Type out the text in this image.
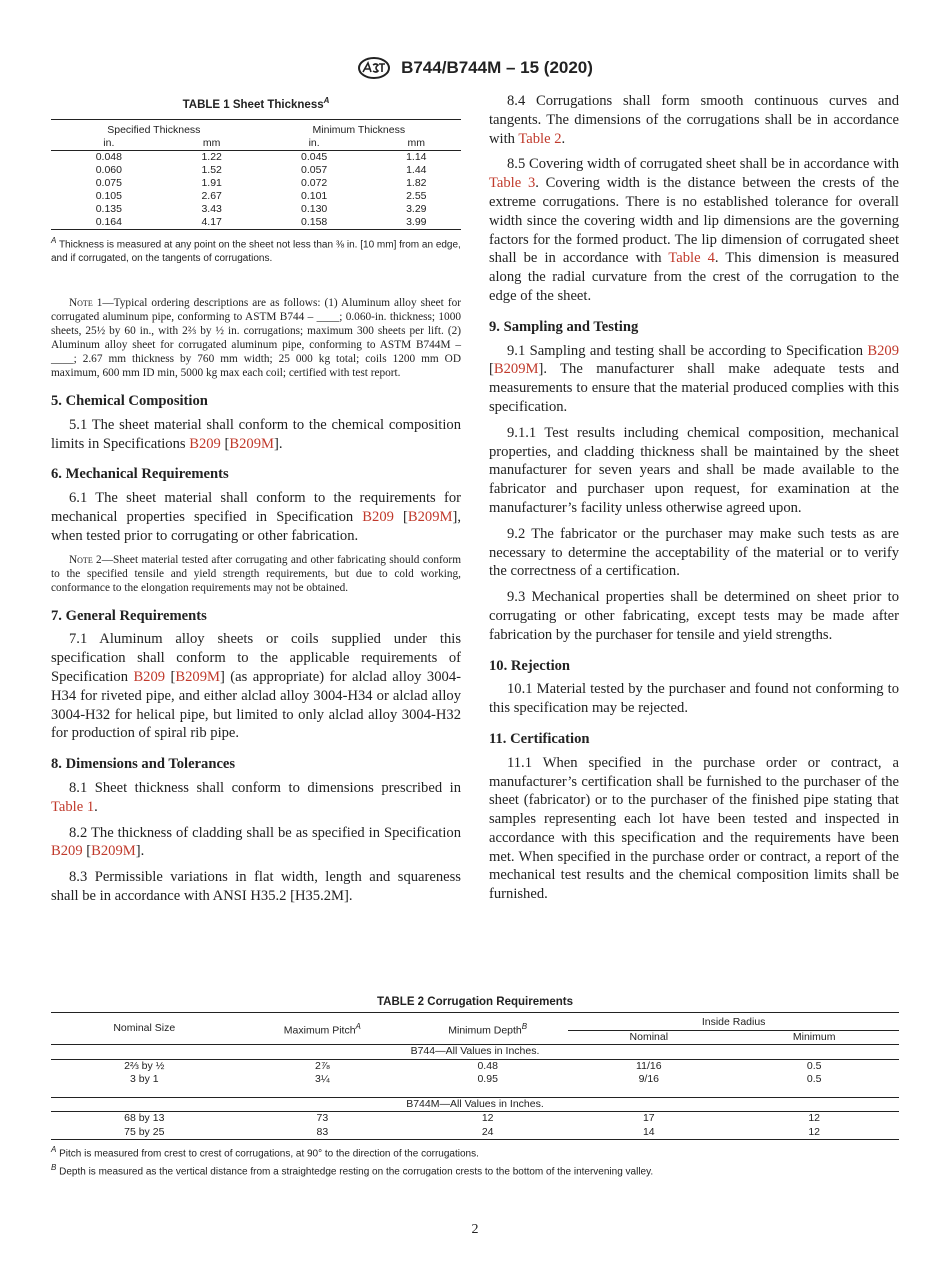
B744/B744M – 15 (2020)
TABLE 1 Sheet Thickness$^A$
Specified Thickness		Minimum Thickness	
in.	mm	in.	mm
0.048	1.22	0.045	1.14
0.060	1.52	0.057	1.44
0.075	1.91	0.072	1.82
0.105	2.67	0.101	2.55
0.135	3.43	0.130	3.29
0.164	4.17	0.158	3.99
$^A$ Thickness is measured at any point on the sheet not less than ⅜ in. [10 mm] from an edge, and if corrugated, on the tangents of corrugations.
Note 1—Typical ordering descriptions are as follows: (1) Aluminum alloy sheet for corrugated aluminum pipe, conforming to ASTM B744 – ____; 0.060-in. thickness; 1000 sheets, 25½ by 60 in., with 2⅔ by ½ in. corrugations; maximum 300 sheets per lift. (2) Aluminum alloy sheet for corrugated aluminum pipe, conforming to ASTM B744M – ____; 2.67 mm thickness by 760 mm width; 25 000 kg total; coils 1200 mm OD maximum, 600 mm ID min, 5000 kg max each coil; certified with test report.
5. Chemical Composition

5.1 The sheet material shall conform to the chemical composition limits in Specifications B209 [B209M].

6. Mechanical Requirements

6.1 The sheet material shall conform to the requirements for mechanical properties specified in Specification B209 [B209M], when tested prior to corrugating or other fabrication.

Note 2—Sheet material tested after corrugating and other fabricating should conform to the specified tensile and yield strength requirements, but due to cold working, conformance to the elongation requirements may not be obtained.
7. General Requirements

7.1 Aluminum alloy sheets or coils supplied under this specification shall conform to the applicable requirements of Specification B209 [B209M] (as appropriate) for alclad alloy 3004-H34 for riveted pipe, and either alclad alloy 3004-H34 or alclad alloy 3004-H32 for helical pipe, but limited to only alclad alloy 3004-H32 for production of spiral rib pipe.

8. Dimensions and Tolerances

8.1 Sheet thickness shall conform to dimensions prescribed in Table 1.

8.2 The thickness of cladding shall be as specified in Specification B209 [B209M].

8.3 Permissible variations in flat width, length and squareness shall be in accordance with ANSI H35.2 [H35.2M].

8.4 Corrugations shall form smooth continuous curves and tangents. The dimensions of the corrugations shall be in accordance with Table 2.

8.5 Covering width of corrugated sheet shall be in accordance with Table 3. Covering width is the distance between the crests of the extreme corrugations. There is no established tolerance for overall width since the covering width and lip dimensions are the governing factors for the formed product. The lip dimension of corrugated sheet shall be in accordance with Table 4. This dimension is measured along the radial curvature from the crest of the corrugation to the edge of the sheet.

9. Sampling and Testing

9.1 Sampling and testing shall be according to Specification B209 [B209M]. The manufacturer shall make adequate tests and measurements to ensure that the material produced complies with this specification.

9.1.1 Test results including chemical composition, mechanical properties, and cladding thickness shall be maintained by the sheet manufacturer for seven years and shall be made available to the fabricator and purchaser upon request, for examination at the manufacturer’s facility unless otherwise agreed upon.

9.2 The fabricator or the purchaser may make such tests as are necessary to determine the acceptability of the material or to verify the correctness of a certification.

9.3 Mechanical properties shall be determined on sheet prior to corrugating or other fabricating, except tests may be made after fabrication by the purchaser for tensile and yield strengths.

10. Rejection

10.1 Material tested by the purchaser and found not conforming to this specification may be rejected.

11. Certification

11.1 When specified in the purchase order or contract, a manufacturer’s certification shall be furnished to the purchaser of the sheet (fabricator) or to the purchaser of the finished pipe stating that samples representing each lot have been tested and inspected in accordance with this specification and the requirements have been met. When specified in the purchase order or contract, a report of the mechanical test results and the chemical composition limits shall be furnished.

TABLE 2 Corrugation Requirements
Nominal Size	Maximum Pitch$^A$	Minimum Depth$^B$	Inside Radius	
			Nominal	Minimum
B744—All Values in Inches.				
2⅔ by ½	2⅞	0.48	11/16	0.5
3 by 1	3¼	0.95	9/16	0.5

B744M—All Values in Inches.				
68 by 13	73	12	17	12
75 by 25	83	24	14	12
$^A$ Pitch is measured from crest to crest of corrugations, at 90° to the direction of the corrugations.
$^B$ Depth is measured as the vertical distance from a straightedge resting on the corrugation crests to the bottom of the intervening valley.
2
